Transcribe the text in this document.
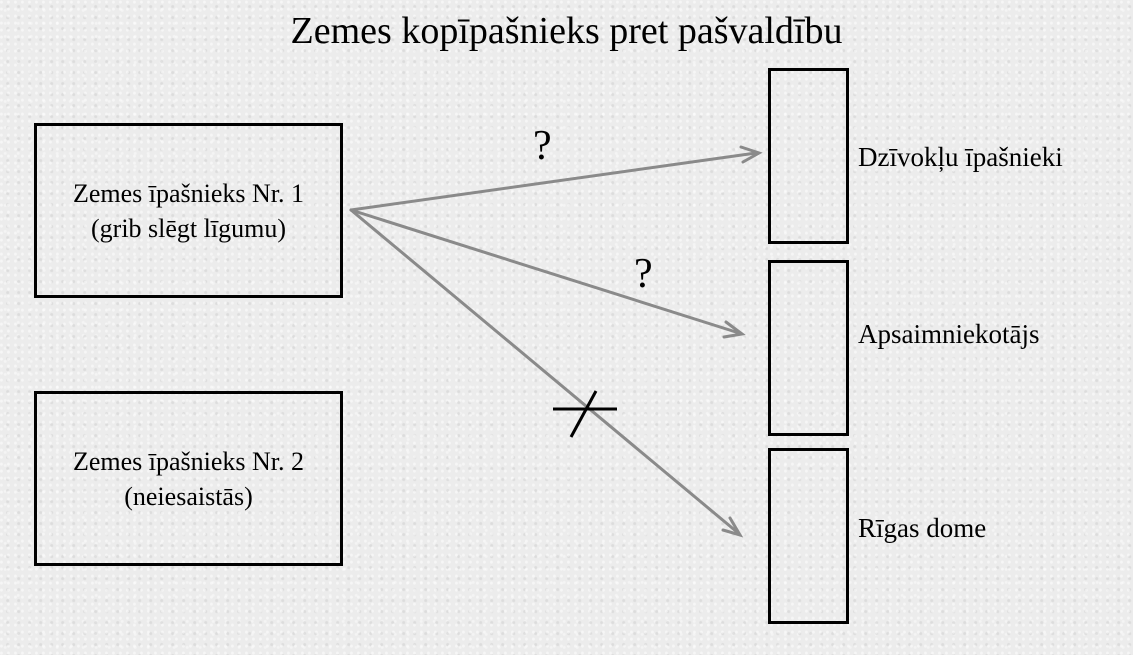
Zemes kopīpašnieks pret pašvaldību
Zemes īpašnieks Nr. 1
(grib slēgt līgumu)
Zemes īpašnieks Nr. 2
(neiesaistās)
Dzīvokļu īpašnieki
Apsaimniekotājs
Rīgas dome
?
?
